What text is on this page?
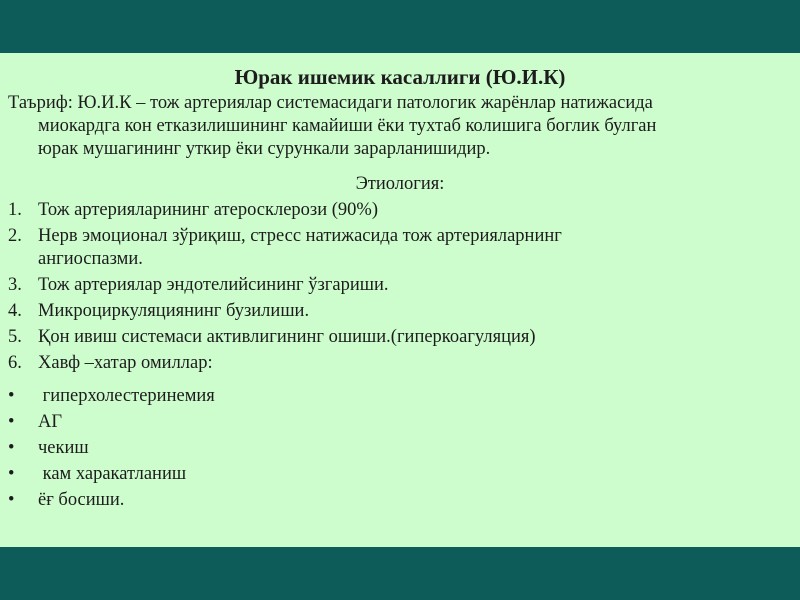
Юрак ишемик касаллиги (Ю.И.К)
Таъриф: Ю.И.К – тож артериялар системасидаги патологик жарёнлар натижасида
миокардга кон етказилишининг камайиши ёки тухтаб колишига боглик булган
юрак мушагининг уткир ёки сурункали зарарланишидир.
Этиология:
1. Тож артерияларининг атеросклерози (90%)
2. Нерв эмоционал зўриқиш, стресс натижасида тож артерияларнинг
ангиоспазми.
3. Тож артериялар эндотелийсининг ўзгариши.
4. Микроциркуляциянинг бузилиши.
5. Қон ивиш системаси активлигининг ошиши.(гиперкоагуляция)
6. Хавф –хатар омиллар:
• гиперхолестеринемия
• АГ
• чекиш
• кам харакатланиш
• ёғ босиши.
